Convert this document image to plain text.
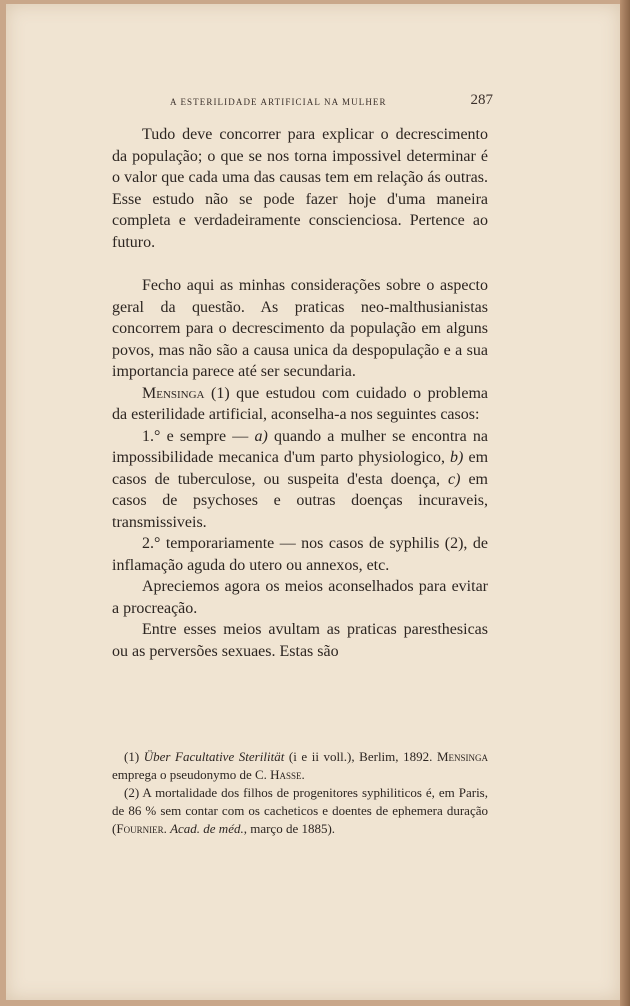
A ESTERILIDADE ARTIFICIAL NA MULHER	287

Tudo deve concorrer para explicar o decrescimento da população; o que se nos torna impossivel determinar é o valor que cada uma das causas tem em relação ás outras. Esse estudo não se pode fazer hoje d'uma maneira completa e verdadeiramente conscienciosa. Pertence ao futuro.

Fecho aqui as minhas considerações sobre o aspecto geral da questão. As praticas neo-malthusianistas concorrem para o decrescimento da população em alguns povos, mas não são a causa unica da despopulação e a sua importancia parece até ser secundaria.

Mensinga (1) que estudou com cuidado o problema da esterilidade artificial, aconselha-a nos seguintes casos:

1.° e sempre — a) quando a mulher se encontra na impossibilidade mecanica d'um parto physiologico, b) em casos de tuberculose, ou suspeita d'esta doença, c) em casos de psychoses e outras doenças incuraveis, transmissiveis.

2.° temporariamente — nos casos de syphilis (2), de inflamação aguda do utero ou annexos, etc.

Apreciemos agora os meios aconselhados para evitar a procreação.

Entre esses meios avultam as praticas paresthesicas ou as perversões sexuaes. Estas são

(1) Über Facultative Sterilität (i e ii voll.), Berlim, 1892. Mensinga emprega o pseudonymo de C. Hasse.

(2) A mortalidade dos filhos de progenitores syphiliticos é, em Paris, de 86 % sem contar com os cacheticos e doentes de ephemera duração (Fournier. Acad. de méd., março de 1885).
